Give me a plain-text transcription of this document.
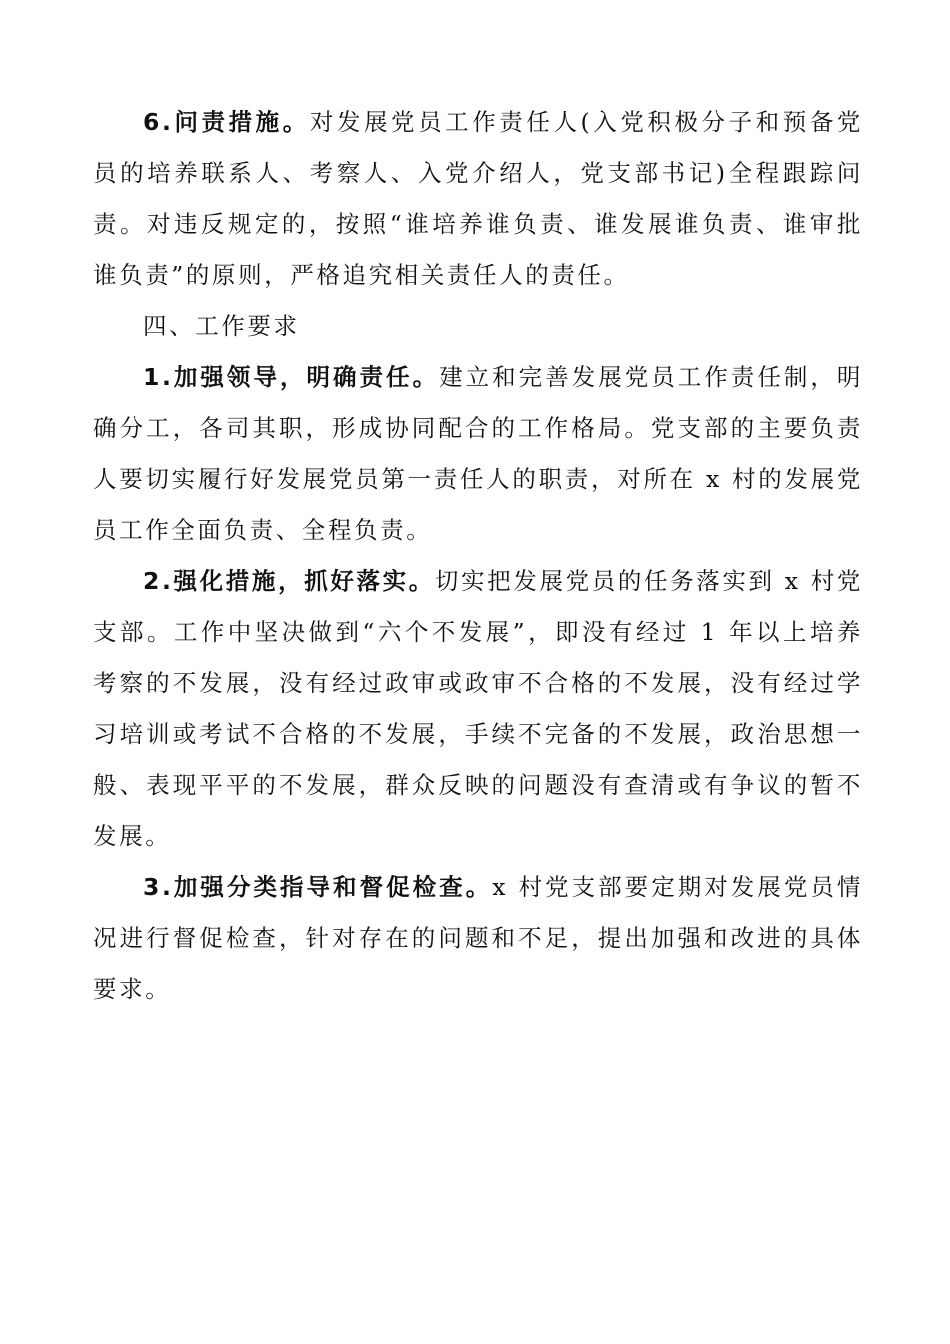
6.问责措施。对发展党员工作责任人(入党积极分子和预备党员的培养联系人、考察人、入党介绍人，党支部书记)全程跟踪问责。对违反规定的，按照“谁培养谁负责、谁发展谁负责、谁审批谁负责”的原则，严格追究相关责任人的责任。

四、工作要求

1.加强领导，明确责任。建立和完善发展党员工作责任制，明确分工，各司其职，形成协同配合的工作格局。党支部的主要负责人要切实履行好发展党员第一责任人的职责，对所在 x 村的发展党员工作全面负责、全程负责。

2.强化措施，抓好落实。切实把发展党员的任务落实到 x 村党支部。工作中坚决做到“六个不发展”，即没有经过 1 年以上培养考察的不发展，没有经过政审或政审不合格的不发展，没有经过学习培训或考试不合格的不发展，手续不完备的不发展，政治思想一般、表现平平的不发展，群众反映的问题没有查清或有争议的暂不发展。

3.加强分类指导和督促检查。x 村党支部要定期对发展党员情况进行督促检查，针对存在的问题和不足，提出加强和改进的具体要求。
